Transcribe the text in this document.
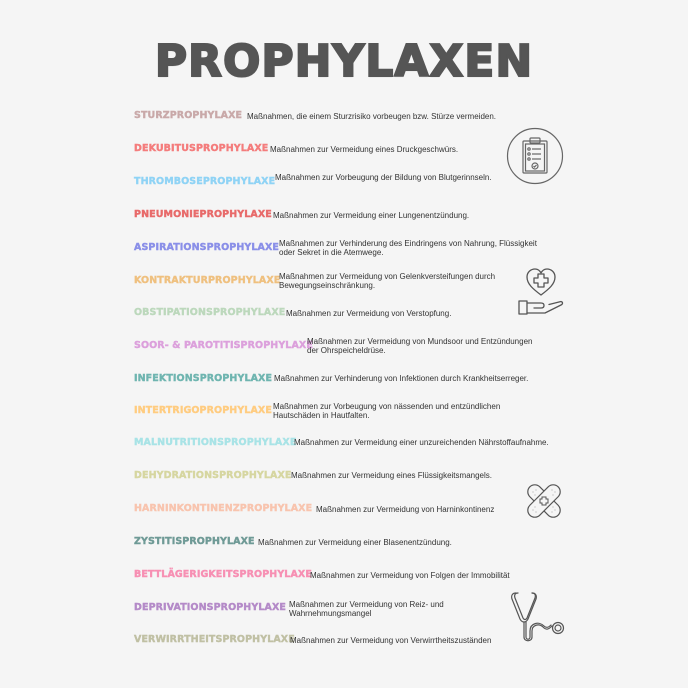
PROPHYLAXEN
STURZPROPHYLAXE Maßnahmen, die einem Sturzrisiko vorbeugen bzw. Stürze vermeiden.
DEKUBITUSPROPHYLAXE Maßnahmen zur Vermeidung eines Druckgeschwürs.
THROMBOSEPROPHYLAXE Maßnahmen zur Vorbeugung der Bildung von Blutgerinnseln.
PNEUMONIEPROPHYLAXE Maßnahmen zur Vermeidung einer Lungenentzündung.
ASPIRATIONSPROPHYLAXE Maßnahmen zur Verhinderung des Eindringens von Nahrung, Flüssigkeit
oder Sekret in die Atemwege.
KONTRAKTURPROPHYLAXE
Maßnahmen zur Vermeidung von Gelenkversteifungen durch
Bewegungseinschränkung.
OBSTIPATIONSPROPHYLAXE Maßnahmen zur Vermeidung von Verstopfung.
SOOR- & PAROTITISPROPHYLAXE
Maßnahmen zur Vermeidung von Mundsoor und Entzündungen
der Ohrspeicheldrüse.
INFEKTIONSPROPHYLAXE Maßnahmen zur Verhinderung von Infektionen durch Krankheitserreger.
INTERTRIGOPROPHYLAXE Maßnahmen zur Vorbeugung von nässenden und entzündlichen
Hautschäden in Hautfalten.
MALNUTRITIONSPROPHYLAXE
Maßnahmen zur Vermeidung einer unzureichenden Nährstoffaufnahme.
DEHYDRATIONSPROPHYLAXE Maßnahmen zur Vermeidung eines Flüssigkeitsmangels.
HARNINKONTINENZPROPHYLAXE Maßnahmen zur Vermeidung von Harninkontinenz
ZYSTITISPROPHYLAXE Maßnahmen zur Vermeidung einer Blasenentzündung.
BETTLÄGERIGKEITSPROPHYLAXE
Maßnahmen zur Vermeidung von Folgen der Immobilität
DEPRIVATIONSPROPHYLAXE Maßnahmen zur Vermeidung von Reiz- und
Wahrnehmungsmangel
VERWIRRTHEITSPROPHYLAXE
Maßnahmen zur Vermeidung von Verwirrtheitszuständen
